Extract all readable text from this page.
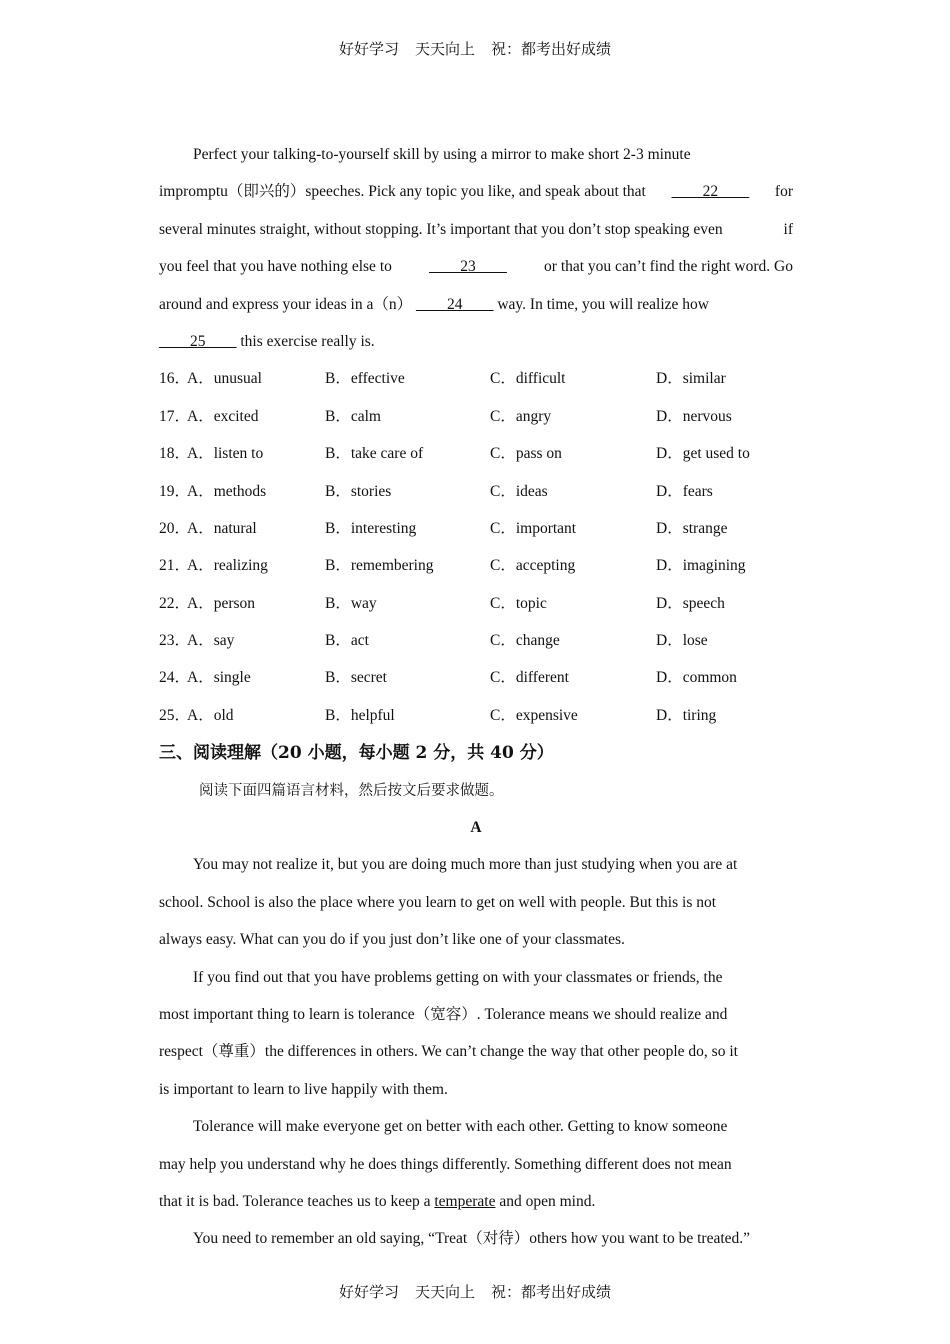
好好学习 天天向上 祝：都考出好成绩
Perfect your talking-to-yourself skill by using a mirror to make short 2-3 minute
impromptu（即兴的）speeches. Pick any topic you like, and speak about that ____22____ for
several minutes straight, without stopping. It’s important that you don’t stop speaking even	if
you feel that you have nothing else to ____23____ or that you can’t find the right word. Go
around and express your ideas in a（n） ____24____ way. In time, you will realize how
____25____ this exercise really is.
16．
A．unusual	B．effective	C．difficult	D．similar
17．
A．excited	B．calm	C．angry	D．nervous
18．
A．listen to	B．take care of	C．pass on	D．get used to
19．
A．methods	B．stories	C．ideas	D．fears
20．
A．natural	B．interesting	C．important	D．strange
21．
A．realizing	B．remembering	C．accepting	D．imagining
22．
A．person	B．way	C．topic	D．speech
23．
A．say	B．act	C．change	D．lose
24．
A．single	B．secret	C．different	D．common
25．
A．old	B．helpful	C．expensive	D．tiring
三、阅读理解（20 小题，每小题 2 分，共 40 分）
阅读下面四篇语言材料，然后按文后要求做题。
A
You may not realize it, but you are doing much more than just studying when you are at
school. School is also the place where you learn to get on well with people. But this is not
always easy. What can you do if you just don’t like one of your classmates.
If you find out that you have problems getting on with your classmates or friends, the
most important thing to learn is tolerance（宽容）. Tolerance means we should realize and
respect（尊重）the differences in others. We can’t change the way that other people do, so it
is important to learn to live happily with them.
Tolerance will make everyone get on better with each other. Getting to know someone
may help you understand why he does things differently. Something different does not mean
that it is bad. Tolerance teaches us to keep a temperate and open mind.
You need to remember an old saying, “Treat（对待）others how you want to be treated.”
好好学习 天天向上 祝：都考出好成绩
